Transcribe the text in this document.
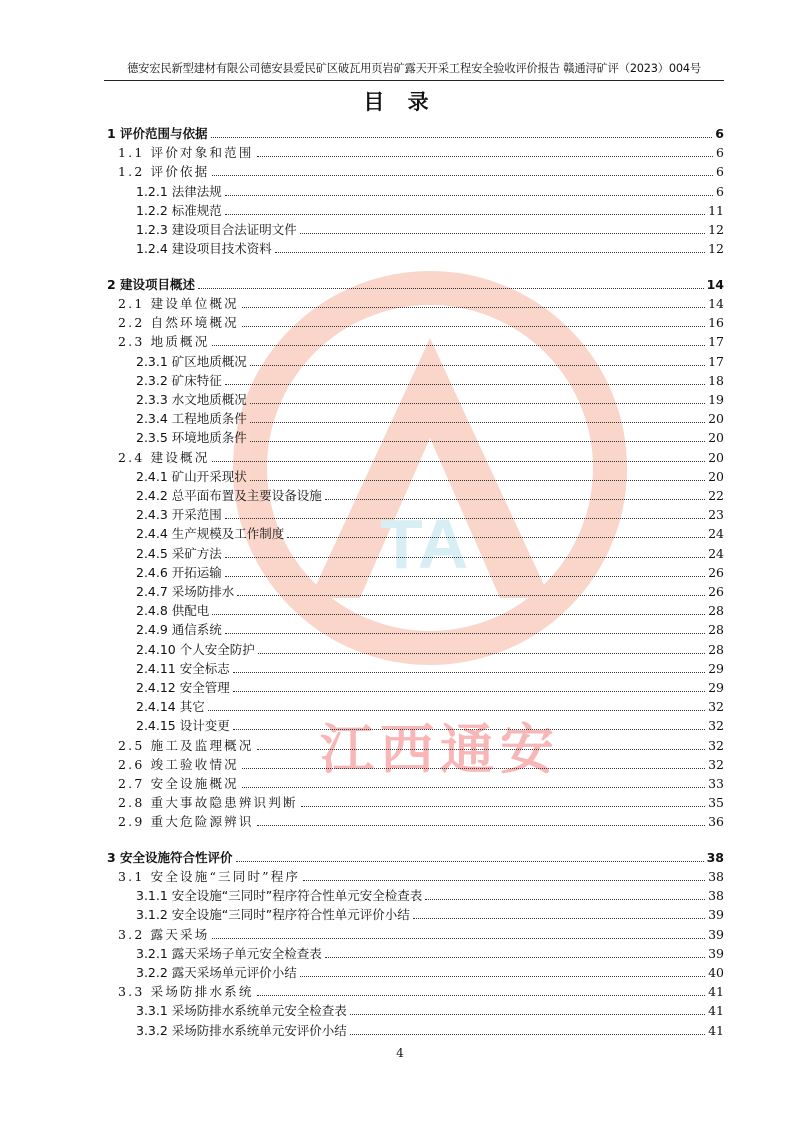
德安宏民新型建材有限公司德安县爱民矿区破瓦用页岩矿露天开采工程安全验收评价报告 赣通浔矿评（2023）004号
目 录
TA
江西通安
1 评价范围与依据	6
1.1 评价对象和范围	6
1.2 评价依据	6
1.2.1 法律法规	6
1.2.2 标准规范	11
1.2.3 建设项目合法证明文件	12
1.2.4 建设项目技术资料	12
2 建设项目概述	14
2.1 建设单位概况	14
2.2 自然环境概况	16
2.3 地质概况	17
2.3.1 矿区地质概况	17
2.3.2 矿床特征	18
2.3.3 水文地质概况	19
2.3.4 工程地质条件	20
2.3.5 环境地质条件	20
2.4 建设概况	20
2.4.1 矿山开采现状	20
2.4.2 总平面布置及主要设备设施	22
2.4.3 开采范围	23
2.4.4 生产规模及工作制度	24
2.4.5 采矿方法	24
2.4.6 开拓运输	26
2.4.7 采场防排水	26
2.4.8 供配电	28
2.4.9 通信系统	28
2.4.10 个人安全防护	28
2.4.11 安全标志	29
2.4.12 安全管理	29
2.4.14 其它	32
2.4.15 设计变更	32
2.5 施工及监理概况	32
2.6 竣工验收情况	32
2.7 安全设施概况	33
2.8 重大事故隐患辨识判断	35
2.9 重大危险源辨识	36
3 安全设施符合性评价	38
3.1 安全设施“三同时”程序	38
3.1.1 安全设施“三同时”程序符合性单元安全检查表	38
3.1.2 安全设施“三同时”程序符合性单元评价小结	39
3.2 露天采场	39
3.2.1 露天采场子单元安全检查表	39
3.2.2 露天采场单元评价小结	40
3.3 采场防排水系统	41
3.3.1 采场防排水系统单元安全检查表	41
3.3.2 采场防排水系统单元安评价小结	41
4
